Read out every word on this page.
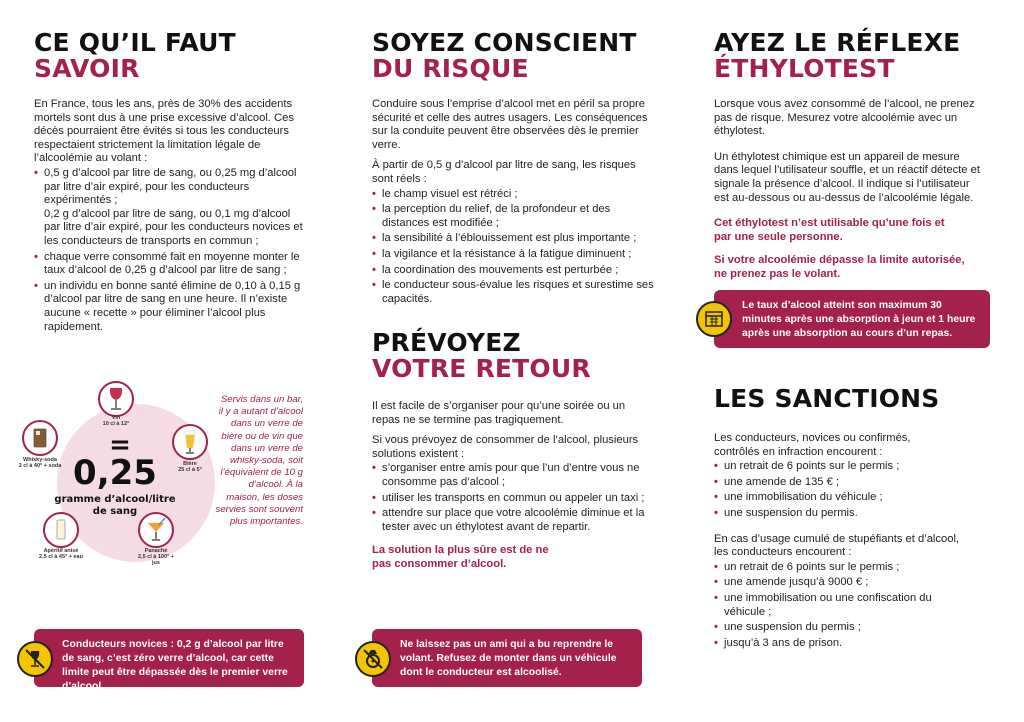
CE QU’IL FAUT
SAVOIR

En France, tous les ans, près de 30% des accidents mortels sont dus à une prise excessive d’alcool. Ces décès pourraient être évités si tous les conducteurs respectaient strictement la limitation légale de l’alcoolémie au volant :

• 0,5 g d’alcool par litre de sang, ou 0,25 mg d’alcool par litre d’air expiré, pour les conducteurs expérimentés ;
0,2 g d’alcool par litre de sang, ou 0,1 mg d’alcool par litre d’air expiré, pour les conducteurs novices et les conducteurs de transports en commun ;
• chaque verre consommé fait en moyenne monter le taux d’alcool de 0,25 g d’alcool par litre de sang ;
• un individu en bonne santé élimine de 0,10 à 0,15 g d’alcool par litre de sang en une heure. Il n’existe aucune « recette » pour éliminer l’alcool plus rapidement.
=
0,25
gramme d’alcool/litre de sang
Vin
10 cl à 12°
Bière
25 cl à 5°
Panaché
2,5 cl à 100° + jus
Apéritif anisé
2,5 cl à 45° + eau
Whisky-soda
3 cl à 40° + soda
Servis dans un bar, il y a autant d’alcool dans un verre de bière ou de vin que dans un verre de whisky-soda, soit l’équivalent de 10 g d’alcool. À la maison, les doses servies sont souvent plus importantes.
Conducteurs novices : 0,2 g d’alcool par litre de sang, c’est zéro verre d’alcool, car cette limite peut être dépassée dès le premier verre d’alcool.
SOYEZ CONSCIENT
DU RISQUE

Conduire sous l’emprise d’alcool met en péril sa propre sécurité et celle des autres usagers. Les conséquences sur la conduite peuvent être observées dès le premier verre.

À partir de 0,5 g d’alcool par litre de sang, les risques sont réels :

• le champ visuel est rétréci ;
• la perception du relief, de la profondeur et des distances est modifiée ;
• la sensibilité à l’éblouissement est plus importante ;
• la vigilance et la résistance à la fatigue diminuent ;
• la coordination des mouvements est perturbée ;
• le conducteur sous-évalue les risques et surestime ses capacités.
PRÉVOYEZ
VOTRE RETOUR

Il est facile de s’organiser pour qu’une soirée ou un repas ne se termine pas tragiquement.

Si vous prévoyez de consommer de l’alcool, plusieurs solutions existent :

• s’organiser entre amis pour que l’un d’entre vous ne consomme pas d’alcool ;
• utiliser les transports en commun ou appeler un taxi ;
• attendre sur place que votre alcoolémie diminue et la tester avec un éthylotest avant de repartir.

La solution la plus sûre est de ne pas consommer d’alcool.

Ne laissez pas un ami qui a bu reprendre le volant. Refusez de monter dans un véhicule dont le conducteur est alcoolisé.
AYEZ LE RÉFLEXE
ÉTHYLOTEST

Lorsque vous avez consommé de l’alcool, ne prenez pas de risque. Mesurez votre alcoolémie avec un éthylotest.

Un éthylotest chimique est un appareil de mesure dans lequel l’utilisateur souffle, et un réactif détecte et signale la présence d’alcool. Il indique si l’utilisateur est au-dessous ou au-dessus de l’alcoolémie légale.

Cet éthylotest n’est utilisable qu’une fois et par une seule personne.

Si votre alcoolémie dépasse la limite autorisée, ne prenez pas le volant.

Le taux d’alcool atteint son maximum 30 minutes après une absorption à jeun et 1 heure après une absorption au cours d’un repas.
LES SANCTIONS

Les conducteurs, novices ou confirmés, contrôlés en infraction encourent :

• un retrait de 6 points sur le permis ;
• une amende de 135 € ;
• une immobilisation du véhicule ;
• une suspension du permis.

En cas d’usage cumulé de stupéfiants et d’alcool, les conducteurs encourent :

• un retrait de 6 points sur le permis ;
• une amende jusqu’à 9000 € ;
• une immobilisation ou une confiscation du véhicule ;
• une suspension du permis ;
• jusqu’à 3 ans de prison.
